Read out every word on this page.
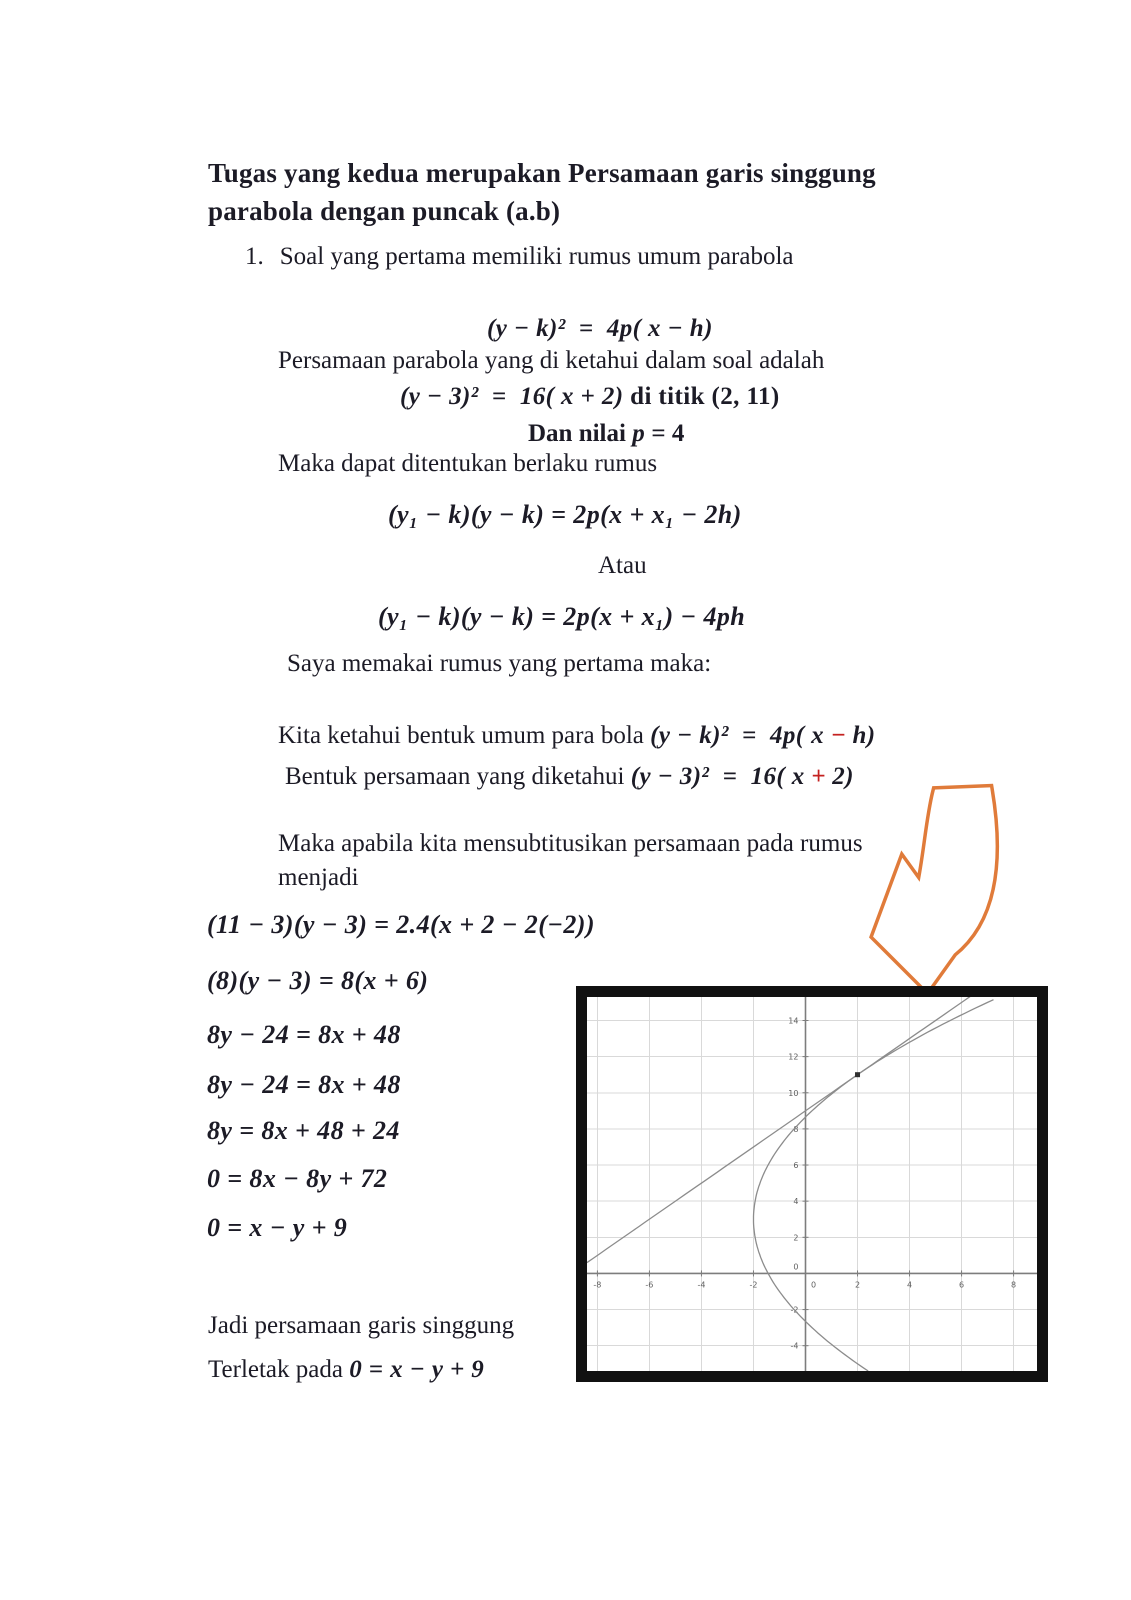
Tugas yang kedua merupakan Persamaan garis singgung
parabola dengan puncak (a.b)
1. Soal yang pertama memiliki rumus umum parabola
(y − k)²  =  4p( x − h)
Persamaan parabola yang di ketahui dalam soal adalah
(y − 3)²  =  16( x + 2) di titik (2, 11)
Dan nilai p = 4
Maka dapat ditentukan berlaku rumus
(y₁ − k)(y − k) = 2p(x + x₁ − 2h)
Atau
(y₁ − k)(y − k) = 2p(x + x₁) − 4ph
Saya memakai rumus yang pertama maka:
Kita ketahui bentuk umum para bola (y − k)²  =  4p( x − h)
Bentuk persamaan yang diketahui (y − 3)²  =  16( x + 2)
Maka apabila kita mensubtitusikan persamaan pada rumus
menjadi
(11 − 3)(y − 3) = 2.4(x + 2 − 2(−2))
(8)(y − 3) = 8(x + 6)
8y − 24 = 8x + 48
8y − 24 = 8x + 48
8y = 8x + 48 + 24
0 = 8x − 8y + 72
0 = x − y + 9
Jadi persamaan garis singgung
Terletak pada 0 = x − y + 9
-8	-6	-4	-2	0	2	4	6	8
-4
-2
0
2
4
6
8
10
12
14
